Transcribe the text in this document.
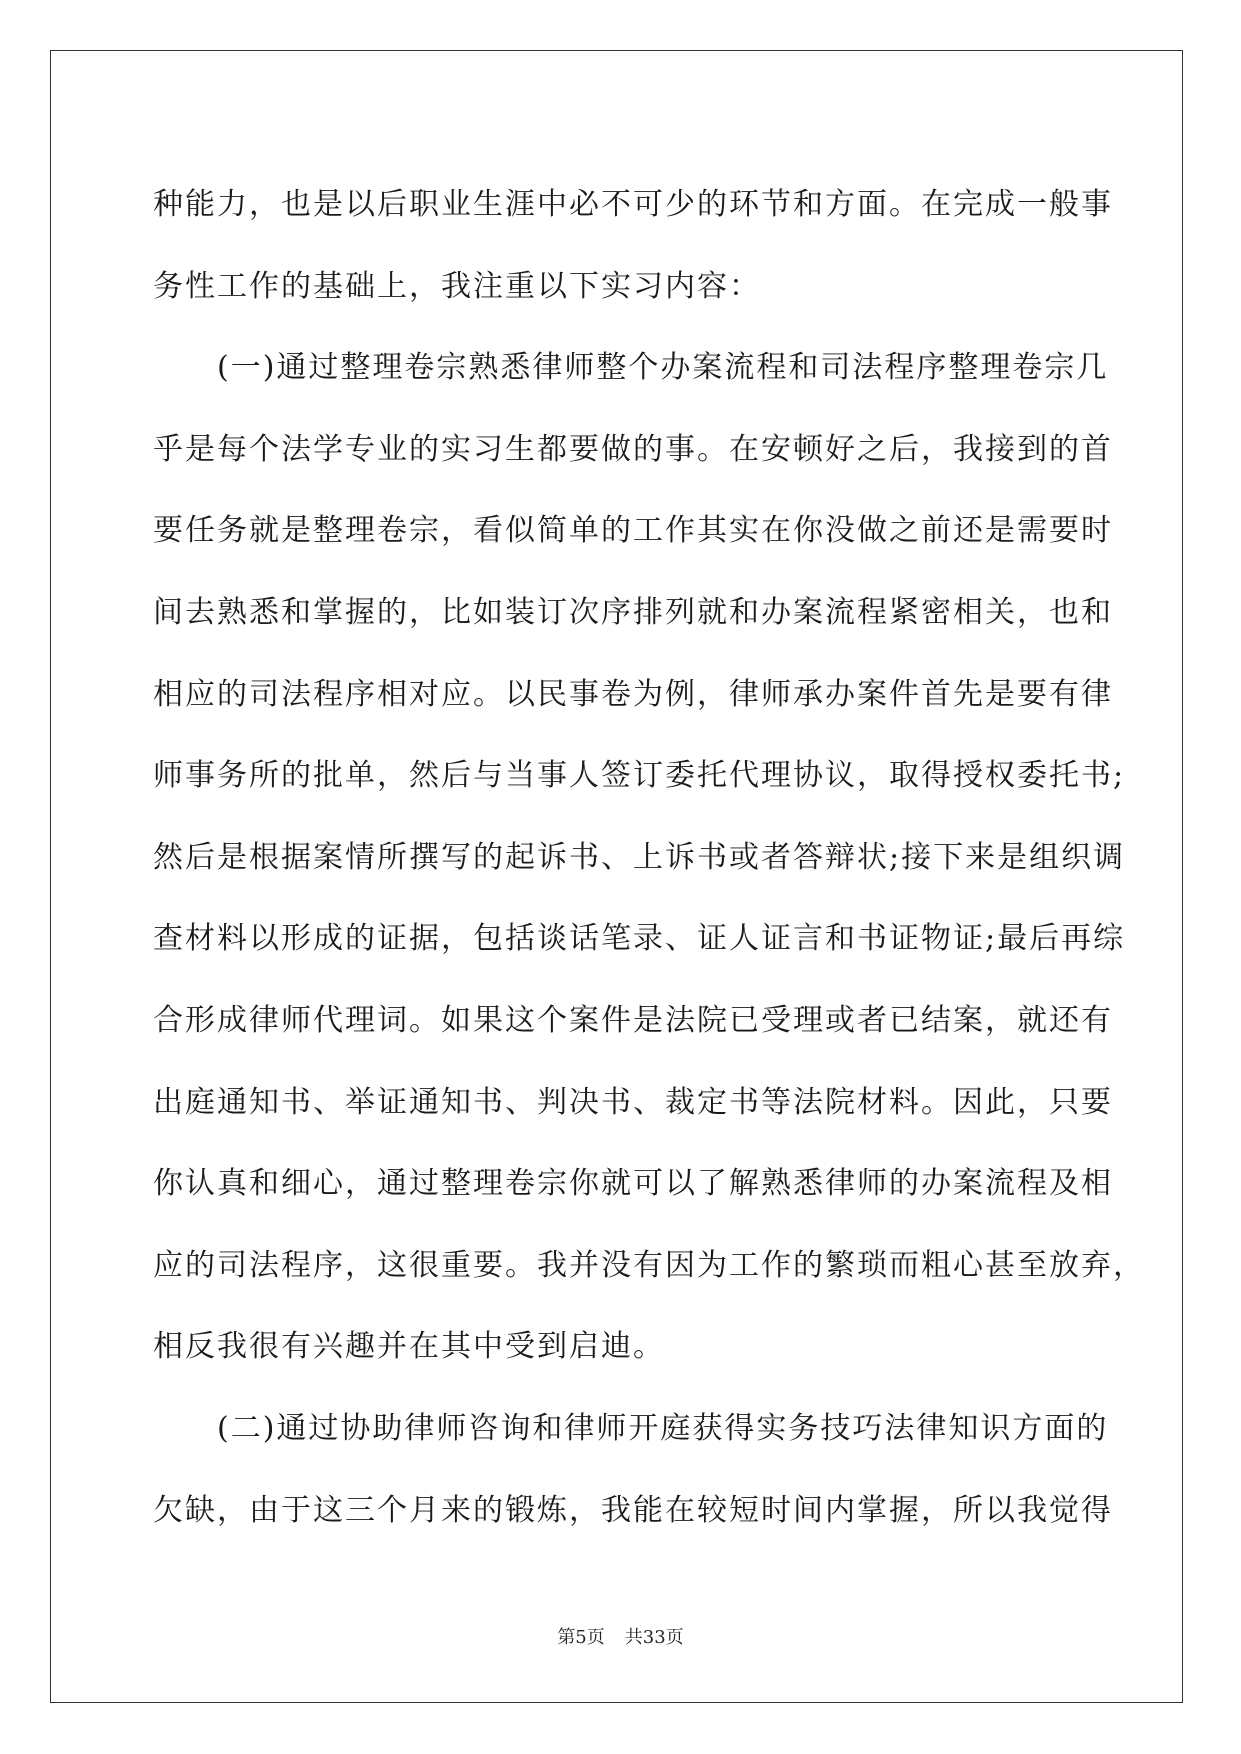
种能力，也是以后职业生涯中必不可少的环节和方面。在完成一般事
务性工作的基础上，我注重以下实习内容：
　　(一)通过整理卷宗熟悉律师整个办案流程和司法程序整理卷宗几
乎是每个法学专业的实习生都要做的事。在安顿好之后，我接到的首
要任务就是整理卷宗，看似简单的工作其实在你没做之前还是需要时
间去熟悉和掌握的，比如装订次序排列就和办案流程紧密相关，也和
相应的司法程序相对应。以民事卷为例，律师承办案件首先是要有律
师事务所的批单，然后与当事人签订委托代理协议，取得授权委托书;
然后是根据案情所撰写的起诉书、上诉书或者答辩状;接下来是组织调
查材料以形成的证据，包括谈话笔录、证人证言和书证物证;最后再综
合形成律师代理词。如果这个案件是法院已受理或者已结案，就还有
出庭通知书、举证通知书、判决书、裁定书等法院材料。因此，只要
你认真和细心，通过整理卷宗你就可以了解熟悉律师的办案流程及相
应的司法程序，这很重要。我并没有因为工作的繁琐而粗心甚至放弃，
相反我很有兴趣并在其中受到启迪。
　　(二)通过协助律师咨询和律师开庭获得实务技巧法律知识方面的
欠缺，由于这三个月来的锻炼，我能在较短时间内掌握，所以我觉得
第5页 共33页
